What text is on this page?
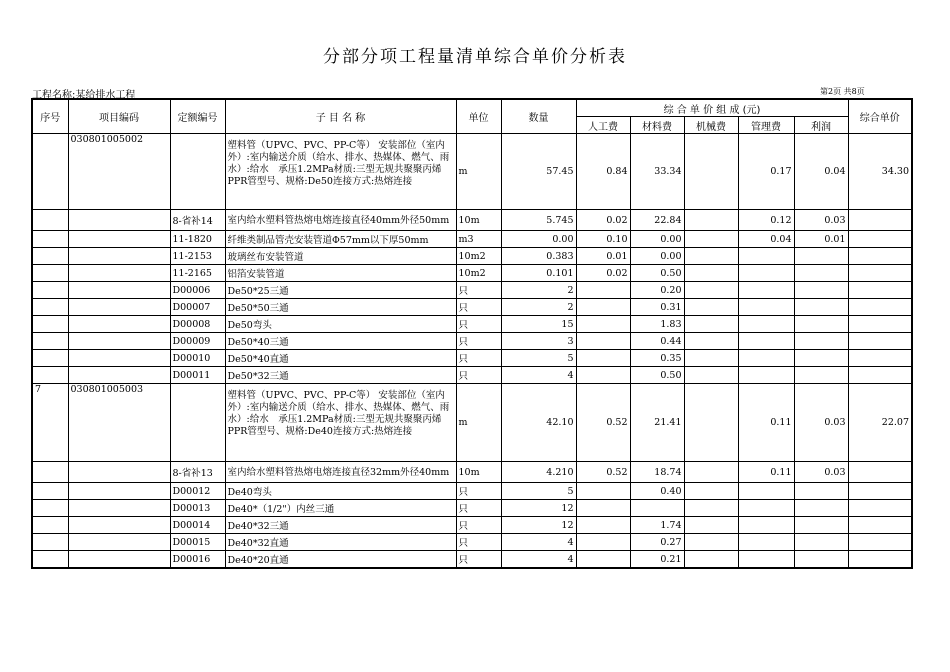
分部分项工程量清单综合单价分析表
工程名称:某给排水工程	第2页 共8页
序号	项目编码	定额编号	子 目 名 称	单位	数量	综 合 单 价 组 成 (元)					综合单价
						人工费	材料费	机械费	管理费	利润	
	030801005002		塑料管（UPVC、PVC、PP-C等） 安装部位（室内外）:室内输送介质（给水、排水、热媒体、燃气、雨水）:给水　承压1.2MPa材质:三型无规共聚聚丙烯PPR管型号、规格:De50连接方式:热熔连接	m	57.45	0.84	33.34		0.17	0.04	34.30
		8-省补14	室内给水塑料管热熔电熔连接直径40mm外径50mm	10m	5.745	0.02	22.84		0.12	0.03	
		11-1820	纤维类制品管壳安装管道Φ57mm以下厚50mm	m3	0.00	0.10	0.00		0.04	0.01	
		11-2153	玻璃丝布安装管道	10m2	0.383	0.01	0.00				
		11-2165	铝箔安装管道	10m2	0.101	0.02	0.50				
		D00006	De50*25三通	只	2		0.20				
		D00007	De50*50三通	只	2		0.31				
		D00008	De50弯头	只	15		1.83				
		D00009	De50*40三通	只	3		0.44				
		D00010	De50*40直通	只	5		0.35				
		D00011	De50*32三通	只	4		0.50				
7	030801005003		塑料管（UPVC、PVC、PP-C等） 安装部位（室内外）:室内输送介质（给水、排水、热媒体、燃气、雨水）:给水　承压1.2MPa材质:三型无规共聚聚丙烯PPR管型号、规格:De40连接方式:热熔连接	m	42.10	0.52	21.41		0.11	0.03	22.07
		8-省补13	室内给水塑料管热熔电熔连接直径32mm外径40mm	10m	4.210	0.52	18.74		0.11	0.03	
		D00012	De40弯头	只	5		0.40				
		D00013	De40*（1/2"）内丝三通	只	12						
		D00014	De40*32三通	只	12		1.74				
		D00015	De40*32直通	只	4		0.27				
		D00016	De40*20直通	只	4		0.21				
